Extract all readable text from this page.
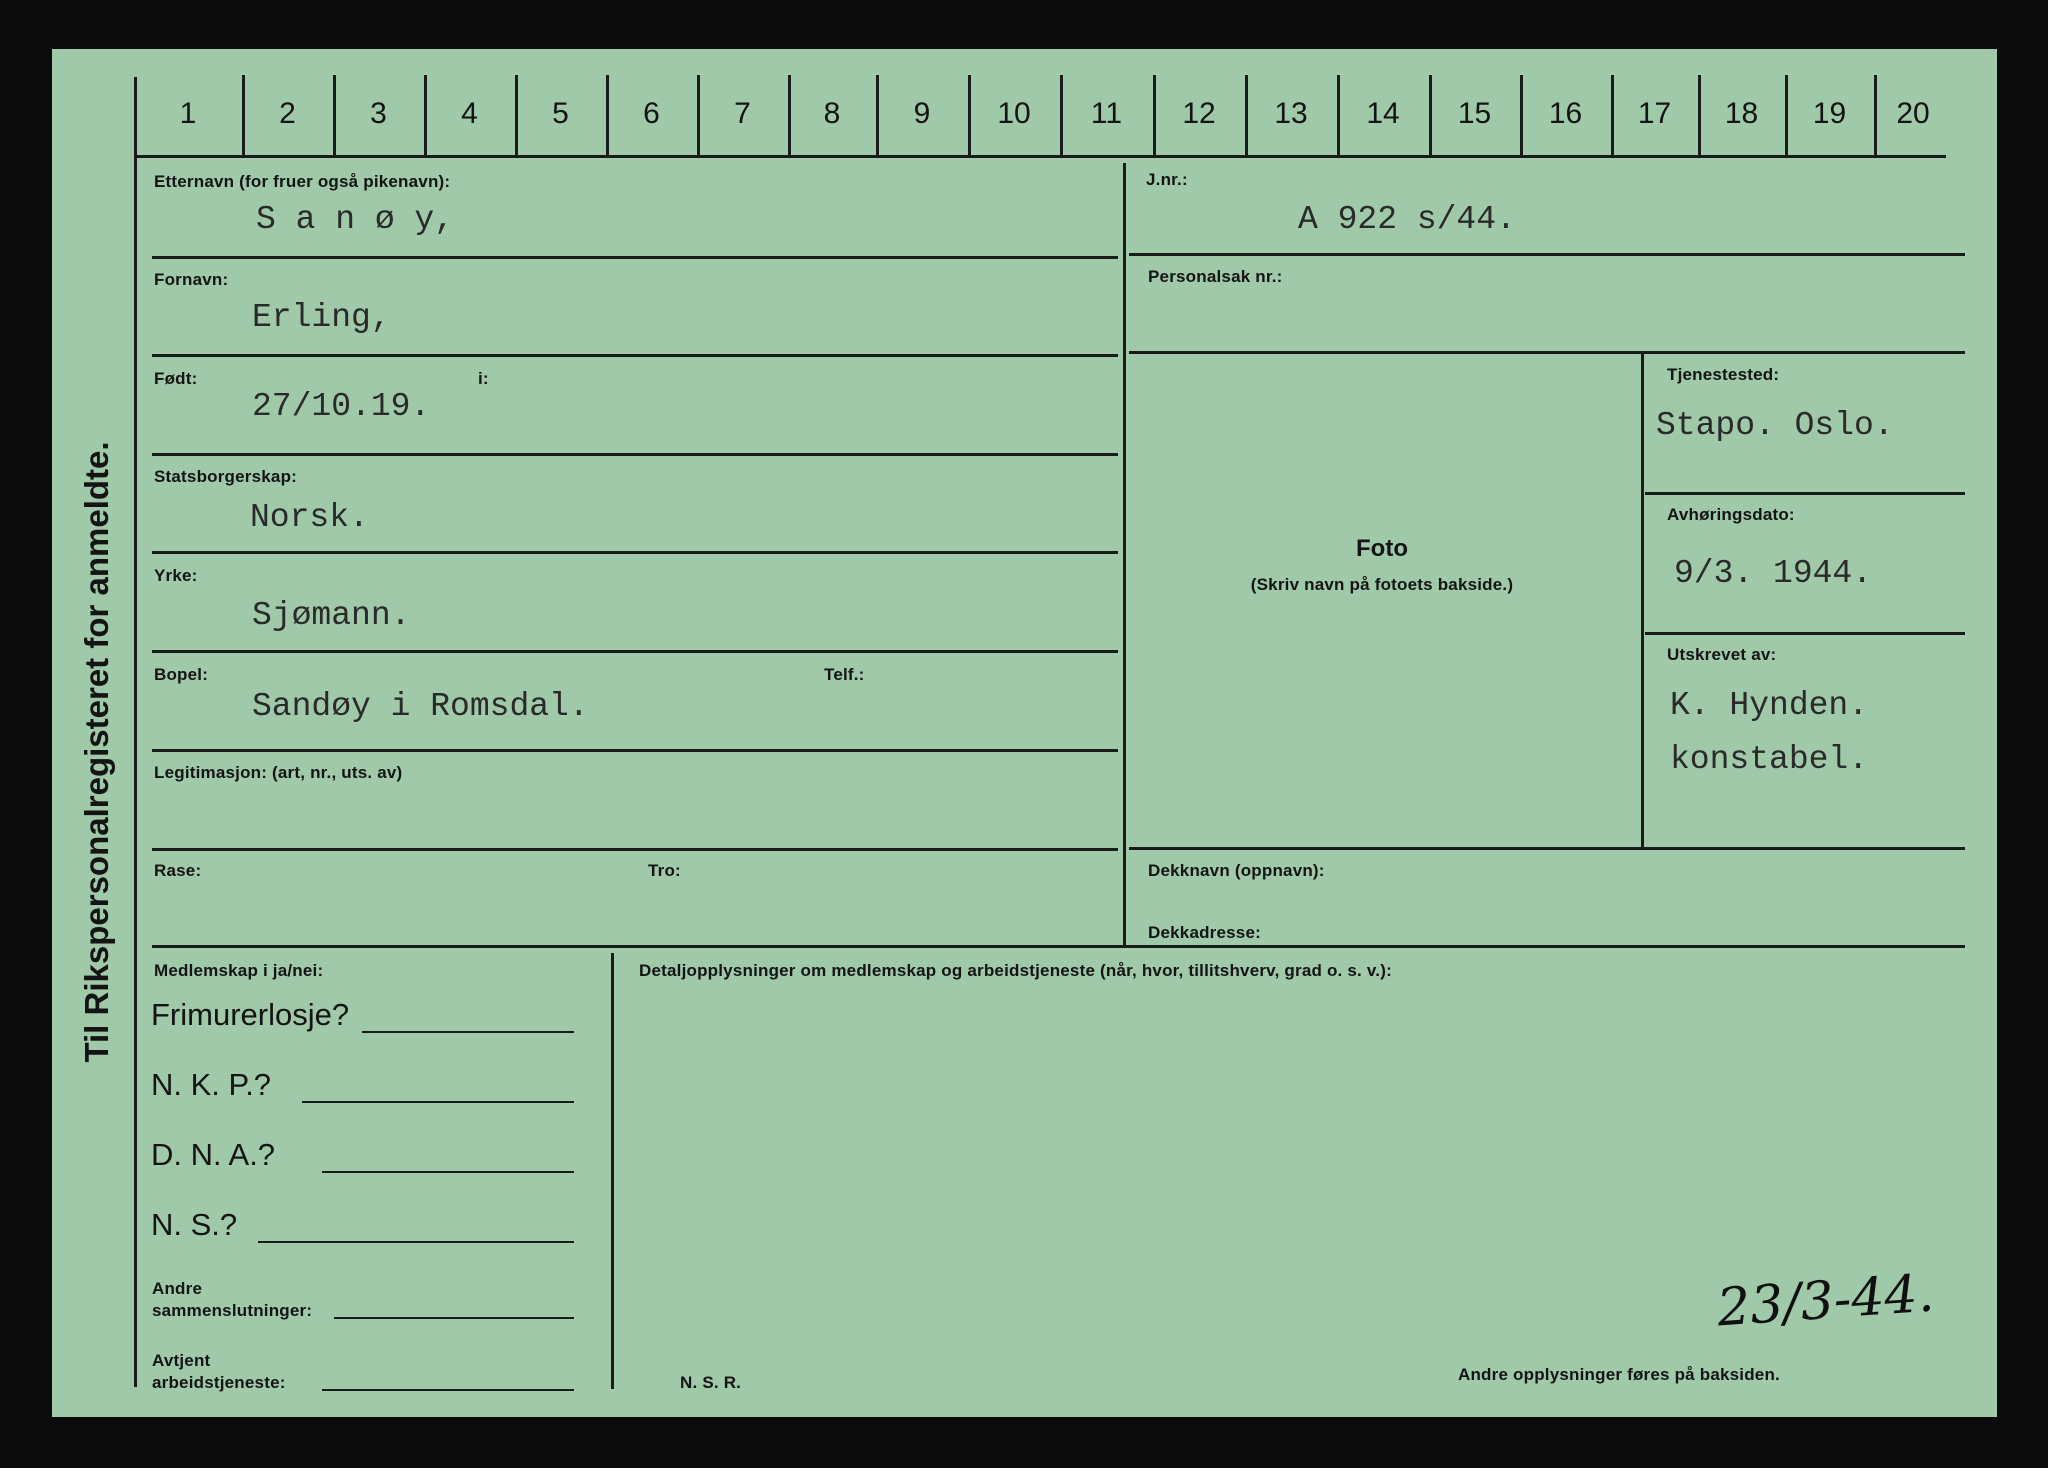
Til Rikspersonalregisteret for anmeldte.
Etternavn (for fruer også pikenavn):
S a n ø y,
Fornavn:
Erling,
Født:	i:
27/10.19.
Statsborgerskap:
Norsk.
Yrke:
Sjømann.
Bopel:	Telf.:
Sandøy i Romsdal.
Legitimasjon: (art, nr., uts. av)
Rase:	Tro:
J.nr.:
A 922 s/44.
Personalsak nr.:
Foto
(Skriv navn på fotoets bakside.)
Tjenestested:
Stapo. Oslo.
Avhøringsdato:
9/3. 1944.
Utskrevet av:
K. Hynden.
konstabel.
Dekknavn (oppnavn):
Dekkadresse:
Medlemskap i ja/nei:
Frimurerlosje?
N. K. P.?
D. N. A.?
N. S.?
Andre
sammenslutninger:
Avtjent
arbeidstjeneste:
Detaljopplysninger om medlemskap og arbeidstjeneste (når, hvor, tillitshverv, grad o. s. v.):
N. S. R.
23/3-44.
Andre opplysninger føres på baksiden.
1	2	3	4	5	6	7	8	9	10	11	12	13	14	15	16	17	18	19	20
